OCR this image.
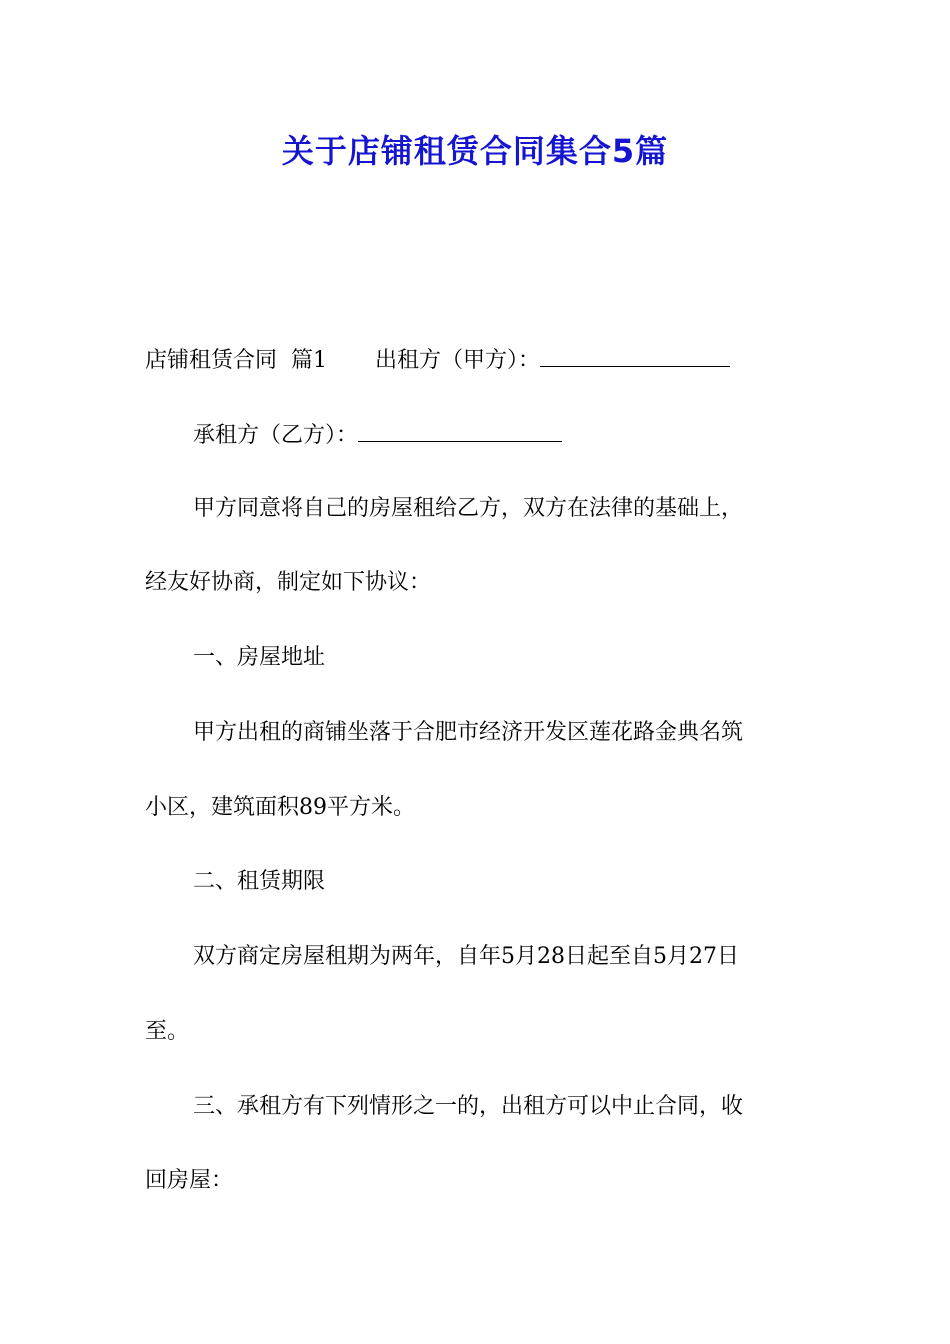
关于店铺租赁合同集合5篇
店铺租赁合同 篇1 出租方（甲方）：
承租方（乙方）：
甲方同意将自己的房屋租给乙方，双方在法律的基础上，
经友好协商，制定如下协议：
一、房屋地址
甲方出租的商铺坐落于合肥市经济开发区莲花路金典名筑
小区，建筑面积89平方米。
二、租赁期限
双方商定房屋租期为两年，自年5月28日起至自5月27日
至。
三、承租方有下列情形之一的，出租方可以中止合同，收
回房屋：
